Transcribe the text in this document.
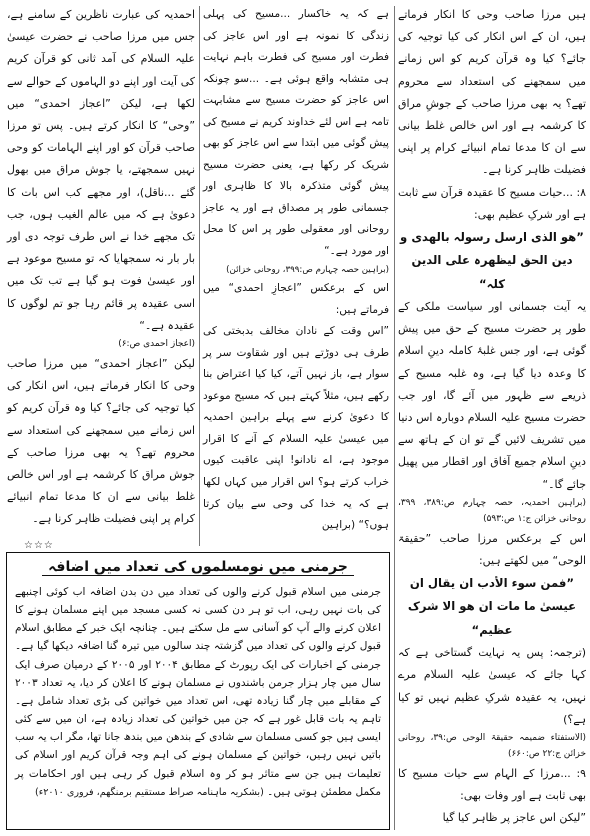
ہیں مرزا صاحب وحی کا انکار فرماتے ہیں، ان کے اس انکار کی کیا توجیہ کی جائے؟ کیا وہ قرآن کریم کو اس زمانے میں سمجھنے کی استعداد سے محروم تھے؟ یہ بھی مرزا صاحب کے جوشِ مراق کا کرشمہ ہے اور اس خالص غلط بیانی سے ان کا مدعا تمام انبیائے کرام پر اپنی فضیلت ظاہر کرنا ہے۔

۸: ...حیات مسیح کا عقیدہ قرآن سے ثابت ہے اور شرکِ عظیم بھی:

”ھو الذی ارسل رسولہ بالھدی و دین الحق لیظھرہ علی الدین کلہ“

یہ آیت جسمانی اور سیاست ملکی کے طور پر حضرت مسیح کے حق میں پیش گوئی ہے، اور جس غلبۂ کاملہ دینِ اسلام کا وعدہ دیا گیا ہے، وہ غلبہ مسیح کے ذریعے سے ظہور میں آئے گا، اور جب حضرت مسیح علیہ السلام دوبارہ اس دنیا میں تشریف لائیں گے تو ان کے ہاتھ سے دینِ اسلام جمیع آفاق اور اقطار میں پھیل جائے گا۔“

(براہین احمدیہ، حصہ چہارم ص:۳۸۹، ۳۹۹، روحانی خزائن ج:۱ ص:۵۹۳)

اس کے برعکس مرزا صاحب ”حقیقۃ الوحی“ میں لکھتے ہیں:

”فمن سوء الأدب ان یقال ان عیسیٰ ما مات ان ھو الا شرک عظیم“

(ترجمہ: پس یہ نہایت گستاخی ہے کہ کہا جائے کہ عیسیٰ علیہ السلام مرے نہیں، یہ عقیدہ شرکِ عظیم نہیں تو کیا ہے؟)

(الاستفتاء ضمیمہ حقیقۃ الوحی ص:۳۹، روحانی خزائن ج:۲۲ ص:۶۶۰)

۹: ...مرزا کے الہام سے حیات مسیح کا بھی ثابت ہے اور وفات بھی:

”لیکن اس عاجز پر ظاہر کیا گیا

ہے کہ یہ خاکسار ...مسیح کی پہلی زندگی کا نمونہ ہے اور اس عاجز کی فطرت اور مسیح کی فطرت باہم نہایت ہی متشابہ واقع ہوئی ہے۔ ...سو چونکہ اس عاجز کو حضرت مسیح سے مشابہت تامہ ہے اس لئے خداوند کریم نے مسیح کی پیش گوئی میں ابتدا سے اس عاجز کو بھی شریک کر رکھا ہے، یعنی حضرت مسیح پیش گوئی متذکرہ بالا کا ظاہری اور جسمانی طور پر مصداق ہے اور یہ عاجز روحانی اور معقولی طور پر اس کا محل اور مورد ہے۔“

(براہین حصہ چہارم ص:۳۹۹، روحانی خزائن)

اس کے برعکس ”اعجازِ احمدی“ میں فرماتے ہیں:

”اس وقت کے نادان مخالف بدبختی کی طرف ہی دوڑتے ہیں اور شقاوت سر پر سوار ہے، باز نہیں آتے، کیا کیا اعتراض بنا رکھے ہیں، مثلاً کہتے ہیں کہ مسیح موعود کا دعویٰ کرنے سے پہلے براہین احمدیہ میں عیسیٰ علیہ السلام کے آنے کا اقرار موجود ہے، اے نادانو! اپنی عاقبت کیوں خراب کرتے ہو؟ اس اقرار میں کہاں لکھا ہے کہ یہ خدا کی وحی سے بیان کرتا ہوں؟“ (براہین

احمدیہ کی عبارت ناظرین کے سامنے ہے، جس میں مرزا صاحب نے حضرت عیسیٰ علیہ السلام کی آمد ثانی کو قرآن کریم کی آیت اور اپنے دو الہاموں کے حوالے سے لکھا ہے، لیکن ”اعجاز احمدی“ میں ”وحی“ کا انکار کرتے ہیں۔ پس تو مرزا صاحب قرآن کو اور اپنے الہامات کو وحی نہیں سمجھتے، یا جوش مراق میں بھول گئے ...ناقل)، اور مجھے کب اس بات کا دعویٰ ہے کہ میں عالم الغیب ہوں، جب تک مجھے خدا نے اس طرف توجہ دی اور بار بار نہ سمجھایا کہ تو مسیح موعود ہے اور عیسیٰ فوت ہو گیا ہے تب تک میں اسی عقیدہ پر قائم رہا جو تم لوگوں کا عقیدہ ہے۔“

(اعجاز احمدی ص:۶)

لیکن ”اعجاز احمدی“ میں مرزا صاحب وحی کا انکار فرماتے ہیں، اس انکار کی کیا توجیہ کی جائے؟ کیا وہ قرآن کریم کو اس زمانے میں سمجھنے کی استعداد سے محروم تھے؟ یہ بھی مرزا صاحب کے جوش مراق کا کرشمہ ہے اور اس خالص غلط بیانی سے ان کا مدعا تمام انبیائے کرام پر اپنی فضیلت ظاہر کرنا ہے۔

☆☆☆
جرمنی میں نومسلموں کی تعداد میں اضافہ
جرمنی میں اسلام قبول کرنے والوں کی تعداد میں دن بدن اضافہ اب کوئی اچنبھے کی بات نہیں رہی، اب تو ہر دن کسی نہ کسی مسجد میں اپنے مسلمان ہونے کا اعلان کرنے والے آپ کو آسانی سے مل سکتے ہیں۔ چنانچہ ایک خبر کے مطابق اسلام قبول کرنے والوں کی تعداد میں گزشتہ چند سالوں میں تیرہ گنا اضافہ دیکھا گیا ہے۔ جرمنی کے اخبارات کی ایک رپورٹ کے مطابق ۲۰۰۴ اور ۲۰۰۵ کے درمیان صرف ایک سال میں چار ہزار جرمن باشندوں نے مسلمان ہونے کا اعلان کر دیا، یہ تعداد ۲۰۰۳ کے مقابلے میں چار گنا زیادہ تھی، اس تعداد میں خواتین کی بڑی تعداد شامل ہے۔ تاہم یہ بات قابل غور ہے کہ جن میں خواتین کی تعداد زیادہ ہے، ان میں سے کئی ایسی ہیں جو کسی مسلمان سے شادی کے بندھن میں بندھ جانا تھا، مگر اب یہ سب باتیں نہیں رہیں، خواتین کے مسلمان ہونے کی اہم وجہ قرآن کریم اور اسلام کی تعلیمات ہیں جن سے متاثر ہو کر وہ اسلام قبول کر رہی ہیں اور احکامات پر مکمل مطمئن ہوتی ہیں۔ (بشکریہ ماہنامہ صراط مستقیم برمنگھم، فروری ۲۰۱۰ء)
